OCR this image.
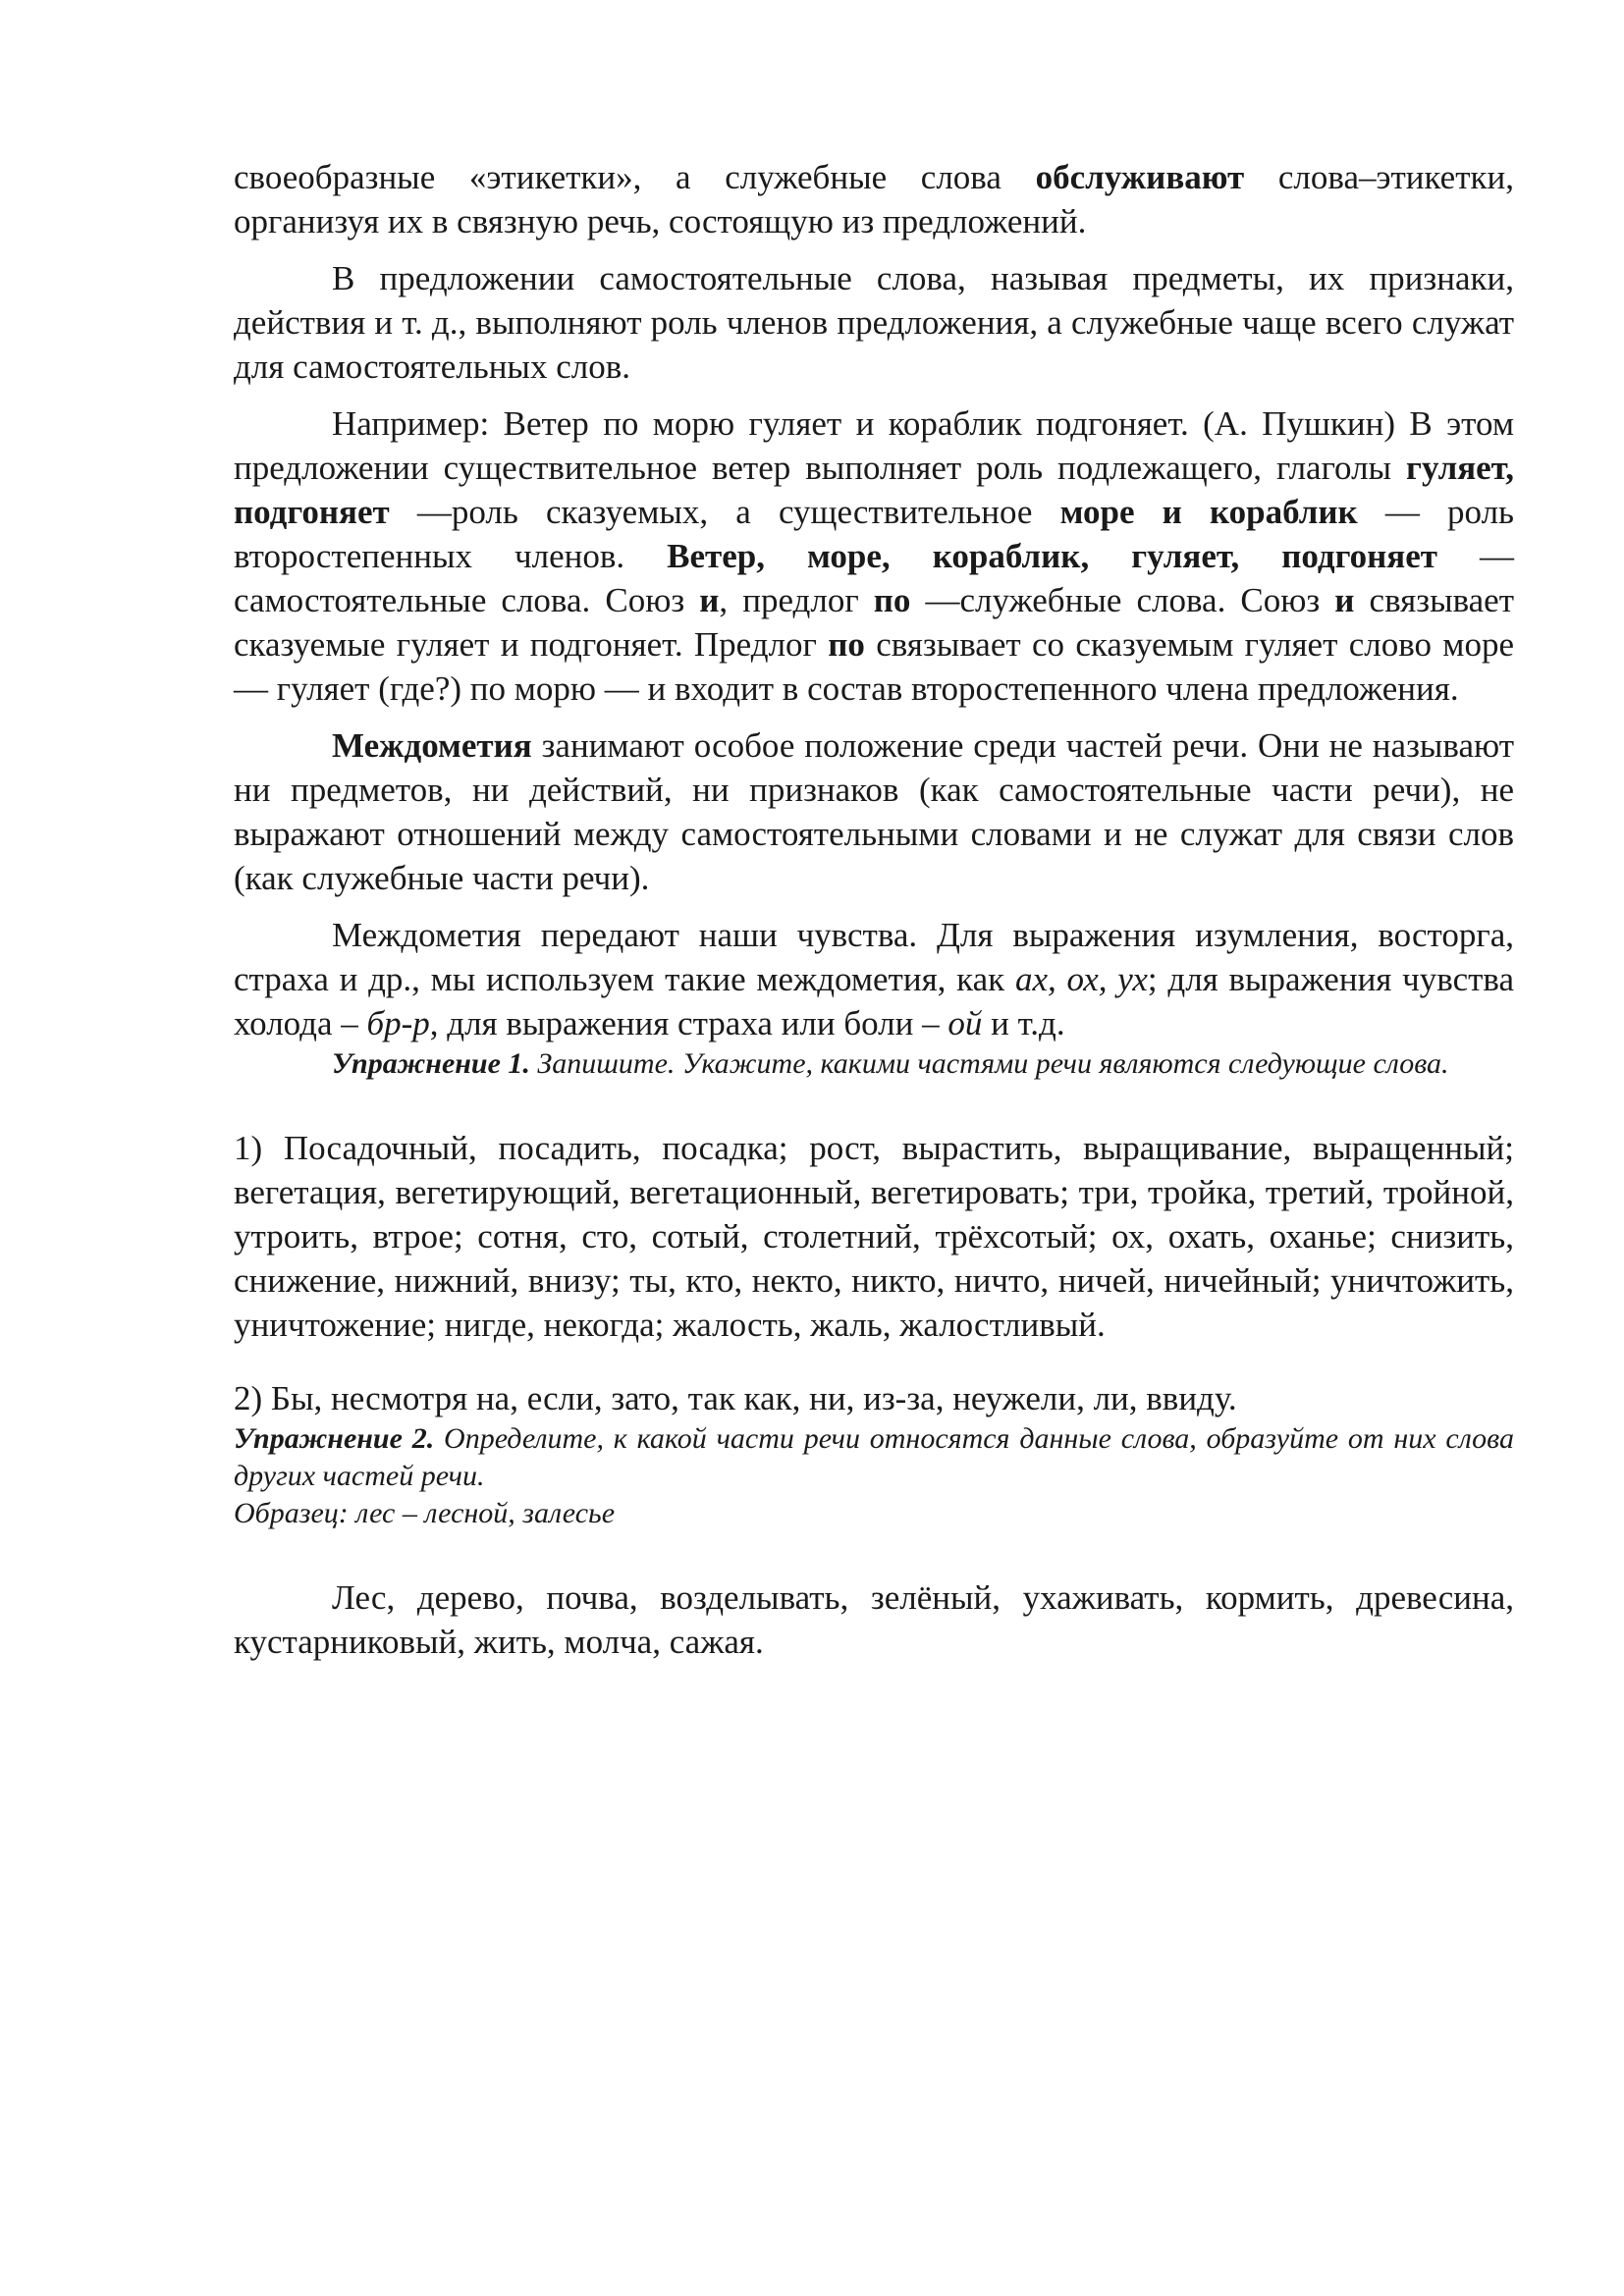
своеобразные «этикетки», а служебные слова обслуживают слова–этикетки, организуя их в связную речь, состоящую из предложений.

В предложении самостоятельные слова, называя предметы, их признаки, действия и т. д., выполняют роль членов предложения, а служебные чаще всего служат для самостоятельных слов.

Например: Ветер по морю гуляет и кораблик подгоняет. (А. Пушкин) В этом предложении существительное ветер выполняет роль подлежащего, глаголы гуляет, подгоняет —роль сказуемых, а существительное море и кораблик — роль второстепенных членов. Ветер, море, кораблик, гуляет, подгоняет — самостоятельные слова. Союз и, предлог по —служебные слова. Союз и связывает сказуемые гуляет и подгоняет. Предлог по связывает со сказуемым гуляет слово море — гуляет (где?) по морю — и входит в состав второстепенного члена предложения.

Междометия занимают особое положение среди частей речи. Они не называют ни предметов, ни действий, ни признаков (как самостоятельные части речи), не выражают отношений между самостоятельными словами и не служат для связи слов (как служебные части речи).

Междометия передают наши чувства. Для выражения изумления, восторга, страха и др., мы используем такие междометия, как ах, ох, ух; для выражения чувства холода – бр-р, для выражения страха или боли – ой и т.д.

Упражнение 1. Запишите. Укажите, какими частями речи являются следующие слова.

1) Посадочный, посадить, посадка; рост, вырастить, выращивание, выращенный; вегетация, вегетирующий, вегетационный, вегетировать; три, тройка, третий, тройной, утроить, втрое; сотня, сто, сотый, столетний, трёхсотый; ох, охать, оханье; снизить, снижение, нижний, внизу; ты, кто, некто, никто, ничто, ничей, ничейный; уничтожить, уничтожение; нигде, некогда; жалость, жаль, жалостливый.

2) Бы, несмотря на, если, зато, так как, ни, из-за, неужели, ли, ввиду.

Упражнение 2. Определите, к какой части речи относятся данные слова, образуйте от них слова других частей речи.

Образец: лес – лесной, залесье

Лес, дерево, почва, возделывать, зелёный, ухаживать, кормить, древесина, кустарниковый, жить, молча, сажая.
